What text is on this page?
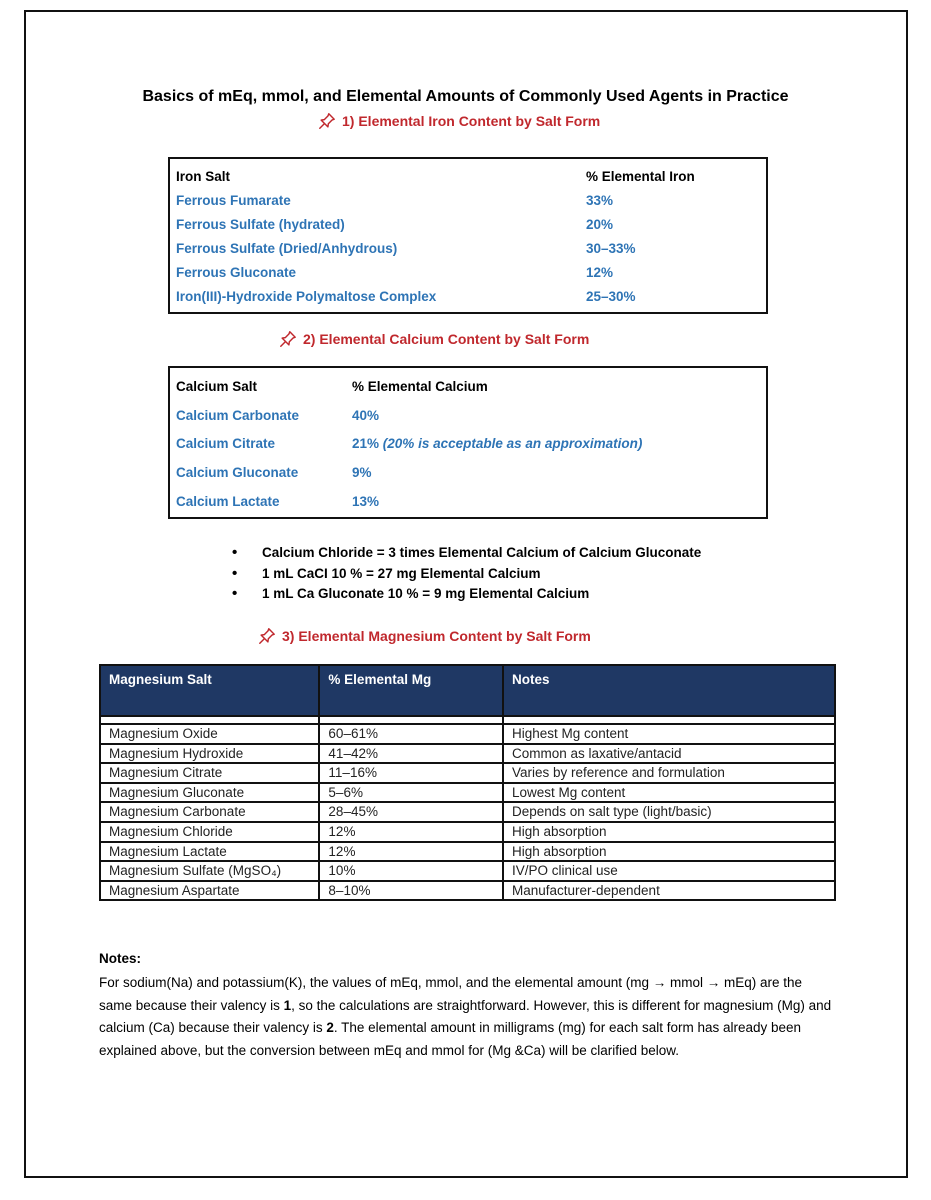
Basics of mEq, mmol, and Elemental Amounts of Commonly Used Agents in Practice
1) Elemental Iron Content by Salt Form
Iron Salt	% Elemental Iron
Ferrous Fumarate	33%
Ferrous Sulfate (hydrated)	20%
Ferrous Sulfate (Dried/Anhydrous)	30–33%
Ferrous Gluconate	12%
Iron(III)-Hydroxide Polymaltose Complex	25–30%
2) Elemental Calcium Content by Salt Form
Calcium Salt	% Elemental Calcium
Calcium Carbonate	40%
Calcium Citrate	21% (20% is acceptable as an approximation)
Calcium Gluconate	9%
Calcium Lactate	13%
• Calcium Chloride = 3 times Elemental Calcium of Calcium Gluconate
• 1 mL CaCI 10 % = 27 mg Elemental Calcium
• 1 mL Ca Gluconate 10 % = 9 mg Elemental Calcium
3) Elemental Magnesium Content by Salt Form
Magnesium Salt	% Elemental Mg	Notes

Magnesium Oxide	60–61%	Highest Mg content
Magnesium Hydroxide	41–42%	Common as laxative/antacid
Magnesium Citrate	11–16%	Varies by reference and formulation
Magnesium Gluconate	5–6%	Lowest Mg content
Magnesium Carbonate	28–45%	Depends on salt type (light/basic)
Magnesium Chloride	12%	High absorption
Magnesium Lactate	12%	High absorption
Magnesium Sulfate (MgSO₄)	10%	IV/PO clinical use
Magnesium Aspartate	8–10%	Manufacturer-dependent
Notes:
For sodium(Na) and potassium(K), the values of mEq, mmol, and the elemental amount (mg → mmol → mEq) are the same because their valency is 1, so the calculations are straightforward. However, this is different for magnesium (Mg) and calcium (Ca) because their valency is 2. The elemental amount in milligrams (mg) for each salt form has already been explained above, but the conversion between mEq and mmol for (Mg &Ca) will be clarified below.
